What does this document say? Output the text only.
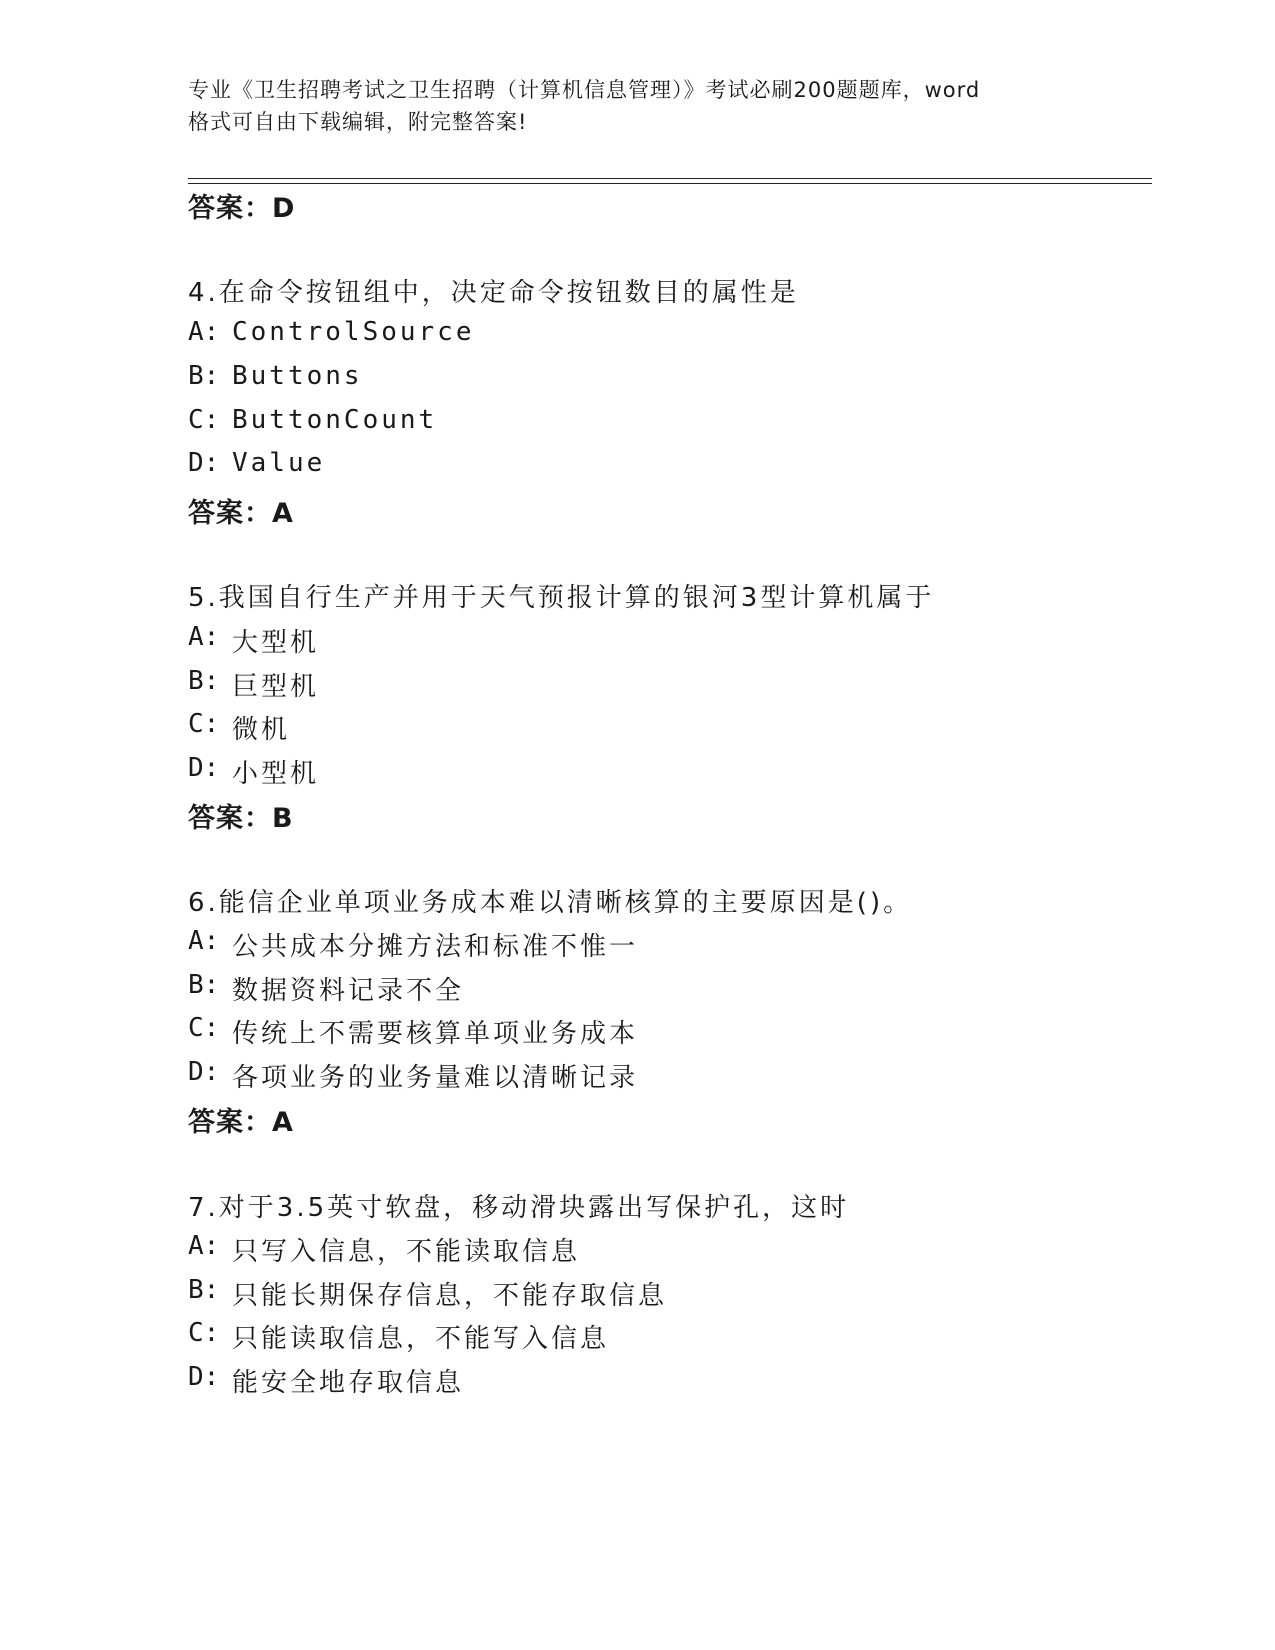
专业《卫生招聘考试之卫生招聘（计算机信息管理）》考试必刷200题题库，word
格式可自由下载编辑，附完整答案!
答案：D
4.在命令按钮组中，决定命令按钮数目的属性是
A: ControlSource
B: Buttons
C: ButtonCount
D: Value
答案：A
5.我国自行生产并用于天气预报计算的银河3型计算机属于
A: 大型机
B: 巨型机
C: 微机
D: 小型机
答案：B
6.能信企业单项业务成本难以清晰核算的主要原因是()。
A: 公共成本分摊方法和标准不惟一
B: 数据资料记录不全
C: 传统上不需要核算单项业务成本
D: 各项业务的业务量难以清晰记录
答案：A
7.对于3.5英寸软盘，移动滑块露出写保护孔，这时
A: 只写入信息，不能读取信息
B: 只能长期保存信息，不能存取信息
C: 只能读取信息，不能写入信息
D: 能安全地存取信息
